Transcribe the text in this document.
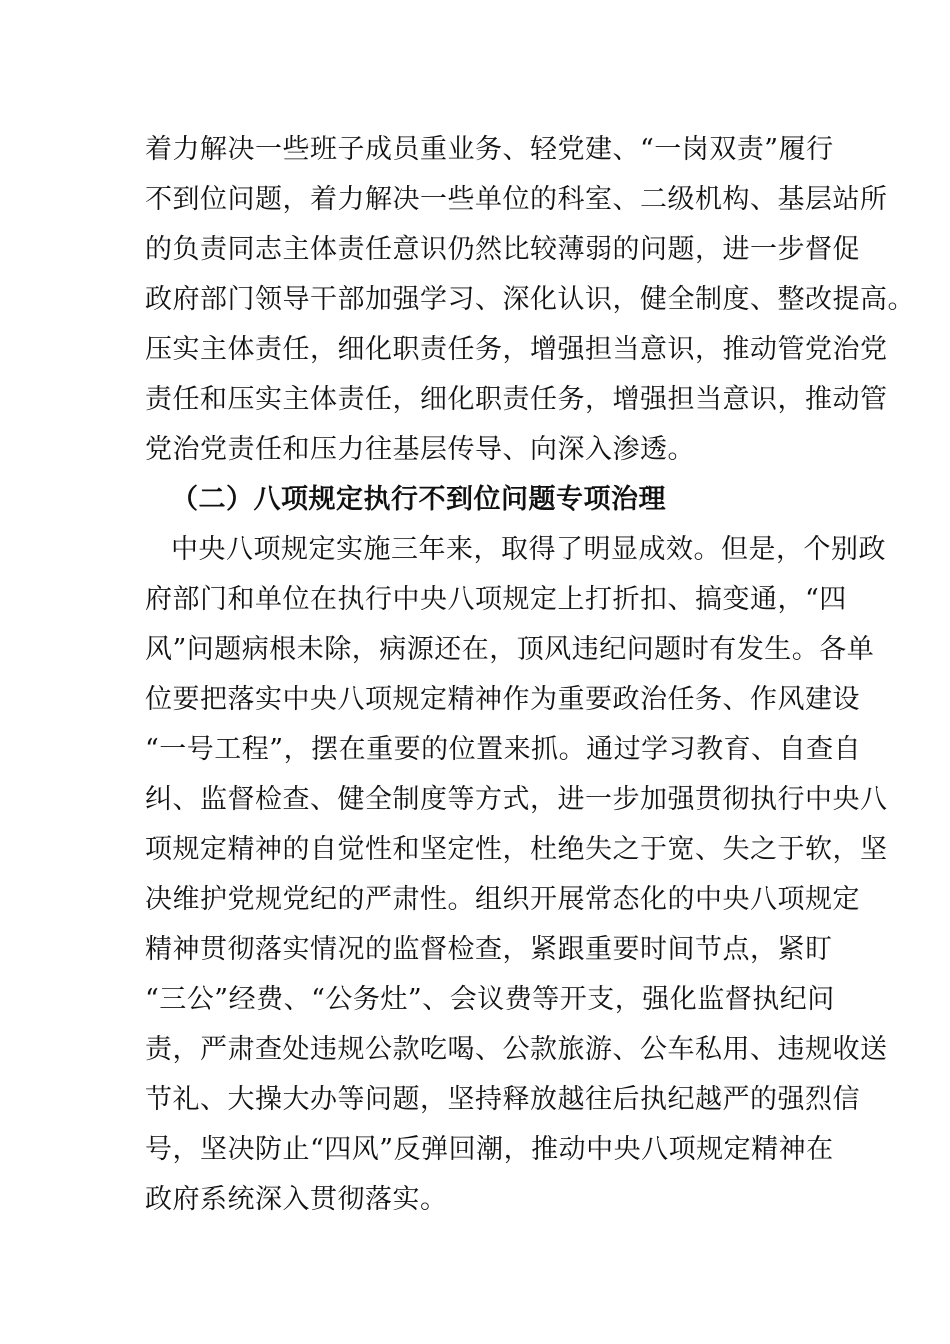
着力解决一些班子成员重业务、轻党建、“一岗双责”履行
不到位问题，着力解决一些单位的科室、二级机构、基层站所
的负责同志主体责任意识仍然比较薄弱的问题，进一步督促
政府部门领导干部加强学习、深化认识，健全制度、整改提高。
压实主体责任，细化职责任务，增强担当意识，推动管党治党
责任和压实主体责任，细化职责任务，增强担当意识，推动管
党治党责任和压力往基层传导、向深入渗透。
（二）八项规定执行不到位问题专项治理
中央八项规定实施三年来，取得了明显成效。但是，个别政
府部门和单位在执行中央八项规定上打折扣、搞变通，“四
风”问题病根未除，病源还在，顶风违纪问题时有发生。各单
位要把落实中央八项规定精神作为重要政治任务、作风建设
“一号工程”，摆在重要的位置来抓。通过学习教育、自查自
纠、监督检查、健全制度等方式，进一步加强贯彻执行中央八
项规定精神的自觉性和坚定性，杜绝失之于宽、失之于软，坚
决维护党规党纪的严肃性。组织开展常态化的中央八项规定
精神贯彻落实情况的监督检查，紧跟重要时间节点，紧盯
“三公”经费、“公务灶”、会议费等开支，强化监督执纪问
责，严肃查处违规公款吃喝、公款旅游、公车私用、违规收送
节礼、大操大办等问题，坚持释放越往后执纪越严的强烈信
号，坚决防止“四风”反弹回潮，推动中央八项规定精神在
政府系统深入贯彻落实。
